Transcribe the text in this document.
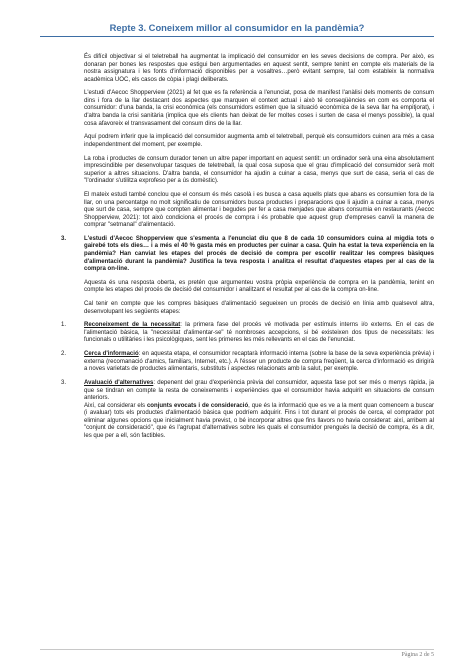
Repte 3. Coneixem millor al consumidor en la pandèmia?

És difícil objectivar si el teletreball ha augmentat la implicació del consumidor en les seves decisions de compra. Per això, es donaran per bones les respostes que estigui ben argumentades en aquest sentit, sempre tenint en compte els materials de la nostra assignatura i les fonts d'informació disponibles per a vosaltres…però evitant sempre, tal com estableix la normativa acadèmica UOC, els casos de còpia i plagi deliberats.

L'estudi d'Aecoc Shopperview (2021) al fet que es fa referència a l'enunciat, posa de manifest l'anàlisi dels moments de consum dins i fora de la llar destacant dos aspectes que marquen el context actual i això té conseqüències en com es comporta el consumidor: d'una banda, la crisi econòmica (els consumidors estimen que la situació econòmica de la seva llar ha empitjorat), i d'altra banda la crisi sanitària (implica que els clients han deixat de fer moltes coses i surten de casa el menys possible), la qual cosa afavoreix el transvasament del consum dins de la llar.

Aquí podrem inferir que la implicació del consumidor augmenta amb el teletreball, perquè els consumidors cuinen ara més a casa independentment del moment, per exemple.

La roba i productes de consum durador tenen un altre paper important en aquest sentit: un ordinador serà una eina absolutament imprescindible per desenvolupar tasques de teletreball, la qual cosa suposa que el grau d'implicació del consumidor serà molt superior a altres situacions. D'altra banda, el consumidor ha ajudin a cuinar a casa, menys que surt de casa, seria el cas de "l'ordinador s'utilitza exprofeso per a ús domèstic).

El mateix estudi també conclou que el consum és més casolà i es busca a casa aquells plats que abans es consumien fora de la llar, on una percentatge no molt significatiu de consumidors busca productes i preparacions que li ajudin a cuinar a casa, menys que surt de casa, sempre que compten alimentar i begudes per fer a casa menjades que abans consumia en restaurants (Aecoc Shopperview, 2021): tot això condiciona el procés de compra i és probable que aquest grup d'empreses canviï la manera de comprar "setmanal" d'alimentació.

3.	L'estudi d'Aecoc Shopperview que s'esmenta a l'enunciat diu que 8 de cada 10 consumidors cuina al migdia tots o gairebé tots els dies… i a més el 40 % gasta més en productes per cuinar a casa. Quin ha estat la teva experiència en la pandèmia? Han canviat les etapes del procés de decisió de compra per escollir realitzar les compres bàsiques d'alimentació durant la pandèmia? Justifica la teva resposta i analitza el resultat d'aquestes etapes per al cas de la compra on-line.

Aquesta és una resposta oberta, es pretén que argumenteu vostra pròpia experiència de compra en la pandèmia, tenint en compte les etapes del procés de decisió del consumidor i analitzant el resultat per al cas de la compra on-line.

Cal tenir en compte que les compres bàsiques d'alimentació segueixen un procés de decisió en línia amb qualsevol altra, desenvolupant les següents etapes:

1.	Reconeixement de la necessitat: la primera fase del procés vé motivada per estímuls interns i/o externs. En el cas de l'alimentació bàsica, la "necessitat d'alimentar-se" té nombroses accepcions, si bé existeixen dos tipus de necessitats: les funcionals o utilitàries i les psicològiques, sent les primeres les més rellevants en el cas de l'enunciat.
2.	Cerca d'informació: en aquesta etapa, el consumidor recaptarà informació interna (sobre la base de la seva experiència prèvia) i externa (recomanació d'amics, familiars, Internet, etc.). A l'ésser un producte de compra freqüent, la cerca d'informació es dirigirà a noves varietats de productes alimentaris, substituts i aspectes relacionats amb la salut, per exemple.
3.	Avaluació d'alternatives: depenent del grau d'experiència prèvia del consumidor, aquesta fase pot ser més o menys ràpida, ja que se tindran en compte la resta de coneixements i experiències que el consumidor havia adquirit en situacions de consum anteriors.
Així, cal considerar els conjunts evocats i de consideració, que és la informació que es ve a la ment quan comencem a buscar (i avaluar) tots els productes d'alimentació bàsica que podríem adquirir. Fins i tot durant el procés de cerca, el comprador pot eliminar algunes opcions que inicialment havia previst, o bé incorporar altres que fins llavors no havia considerat: així, arribem al "conjunt de consideració", que és l'agrupat d'alternatives sobre les quals el consumidor prengués la decisió de compra, és a dir, les que per a ell, són factibles.
Pàgina 2 de 5
